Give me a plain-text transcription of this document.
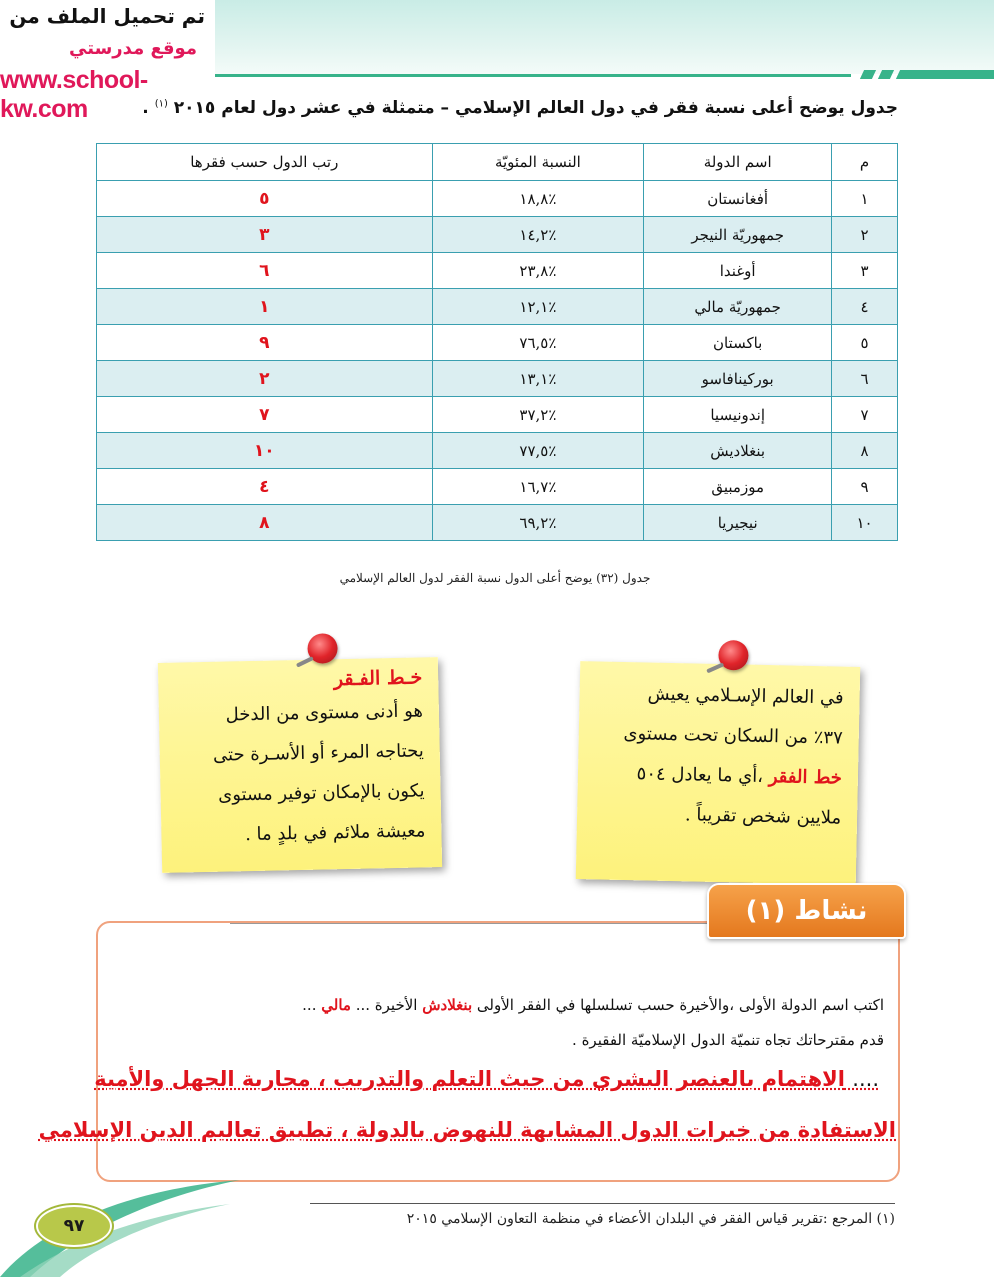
تم تحميل الملف من
موقع مدرستي
www.school-kw.com	جدول يوضح أعلى نسبة فقر في دول العالم الإسلامي – متمثلة في عشر دول لعام ٢٠١٥ $^{(١)}$ .
م	اسم الدولة	النسبة المئويّة	رتب الدول حسب فقرها
١	أفغانستان	٪١٨,٨	٥
٢	جمهوريّة النيجر	٪١٤,٢	٣
٣	أوغندا	٪٢٣,٨	٦
٤	جمهوريّة مالي	٪١٢,١	١
٥	باكستان	٪٧٦,٥	٩
٦	بوركينافاسو	٪١٣,١	٢
٧	إندونيسيا	٪٣٧,٢	٧
٨	بنغلاديش	٪٧٧,٥	١٠
٩	موزمبيق	٪١٦,٧	٤
١٠	نيجيريا	٪٦٩,٢	٨
جدول (٣٢) يوضح أعلى الدول نسبة الفقر لدول العالم الإسلامي
في العالم الإسـلامي يعيش
٣٧٪ من السكان تحت مستوى
خط الفقر ،أي ما يعادل ٥٠٤
ملايين شخص تقريباً .
خـط الفـقر
هو أدنى مستوى من الدخل
يحتاجه المرء أو الأسـرة حتى
يكون بالإمكان توفير مستوى
معيشة ملائم في بلدٍ ما .
نشاط (١)
اكتب اسم الدولة الأولى ،والأخيرة حسب تسلسلها في الفقر الأولى بنغلادش الأخيرة ... مالي ...
قدم مقترحاتك تجاه تنميّة الدول الإسلاميّة الفقيرة .
.... الاهتمام بالعنصر البشري من حيث التعلم والتدريب ، محاربة الجهل والأمية
الاستفادة من خيرات الدول المشابهة للنهوض بالدولة ، تطبيق تعاليم الدين الإسلامي
(١) المرجع :تقرير قياس الفقر في البلدان الأعضاء في منظمة التعاون الإسلامي ٢٠١٥
٩٧
